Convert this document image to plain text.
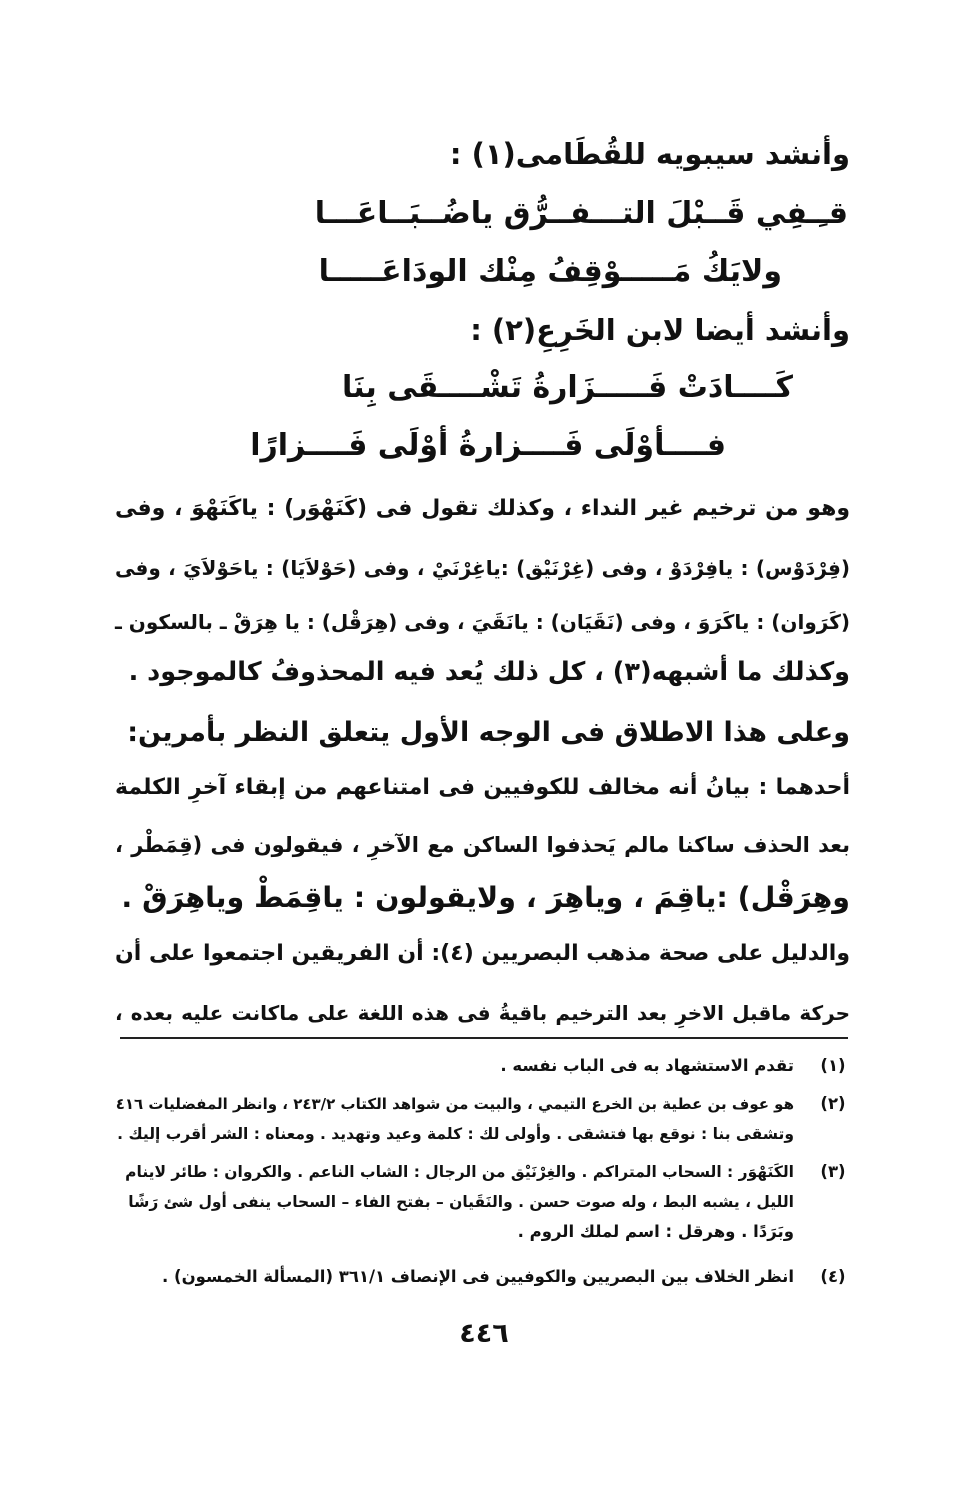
وأنشد سيبويه للقُطَامى(١) :
قـِـفِي قَــبْلَ التـــفــرُّق ياضُــبَــاعَـــا
ولايَكُ مَـــــوْقِفُ مِنْك الودَاعَـــــا
وأنشد أيضا لابن الخَرِعِ(٢) :
كَــــادَتْ فَـــــزَارةُ تَشْــــقَى بِنَا
فــــأوْلَى فَــــزارةُ أوْلَى فَــــزارًا
وهو من ترخيم غير النداء ، وكذلك تقول فى (كَنَهْوَر) : ياكَنَهْوَ ، وفى
(فِرْدَوْس) : يافِرْدَوْ ، وفى (غِرْنَيْق) :ياغِرْنَيْ ، وفى (حَوْلاَيَا) : ياحَوْلاَيَ ، وفى
(كَرَوان) : ياكَرَوَ ، وفى (نَقَيَان) : يانَقَيَ ، وفى (هِرَقْل) : يا هِرَقْ ـ بالسكون ـ
وكذلك ما أشبهه(٣) ، كل ذلك يُعد فيه المحذوفُ كالموجود .
وعلى هذا الاطلاق فى الوجه الأول يتعلق النظر بأمرين:
أحدهما : بيانُ أنه مخالف للكوفيين فى امتناعهم من إبقاء آخرِ الكلمة
بعد الحذف ساكنا مالم يَحذفوا الساكن مع الآخرِ ، فيقولون فى (قِمَطْر ،
وهِرَقْل) :ياقِمَ ، وياهِرَ ، ولايقولون : ياقِمَطْ وياهِرَقْ .
والدليل على صحة مذهب البصريين (٤): أن الفريقين اجتمعوا على أن
حركة ماقبل الاخرِ بعد الترخيم باقيةُ فى هذه اللغة على ماكانت عليه بعده ،
(١)
تقدم الاستشهاد به فى الباب نفسه .
(٢)
هو عوف بن عطية بن الخرع التيمي ، والبيت من شواهد الكتاب ٢٤٣/٢ ، وانظر المفضليات ٤١٦
وتشقى بنا : نوقع بها فتشقى . وأولى لك : كلمة وعيد وتهديد . ومعناه : الشر أقرب إليك .
(٣)
الكَنَهْوَر : السحاب المتراكم . والغِرْنَيْق من الرجال : الشاب الناعم . والكروان : طائر لاينام
الليل ، يشبه البط ، وله صوت حسن . والنَقَيان – بفتح الفاء – السحاب ينفى أول شئ رَشًا
وبَرَدًا . وهرقل : اسم لملك الروم .
(٤)
انظر الخلاف بين البصريين والكوفيين فى الإنصاف ٣٦١/١ (المسألة الخمسون) .
٤٤٦
